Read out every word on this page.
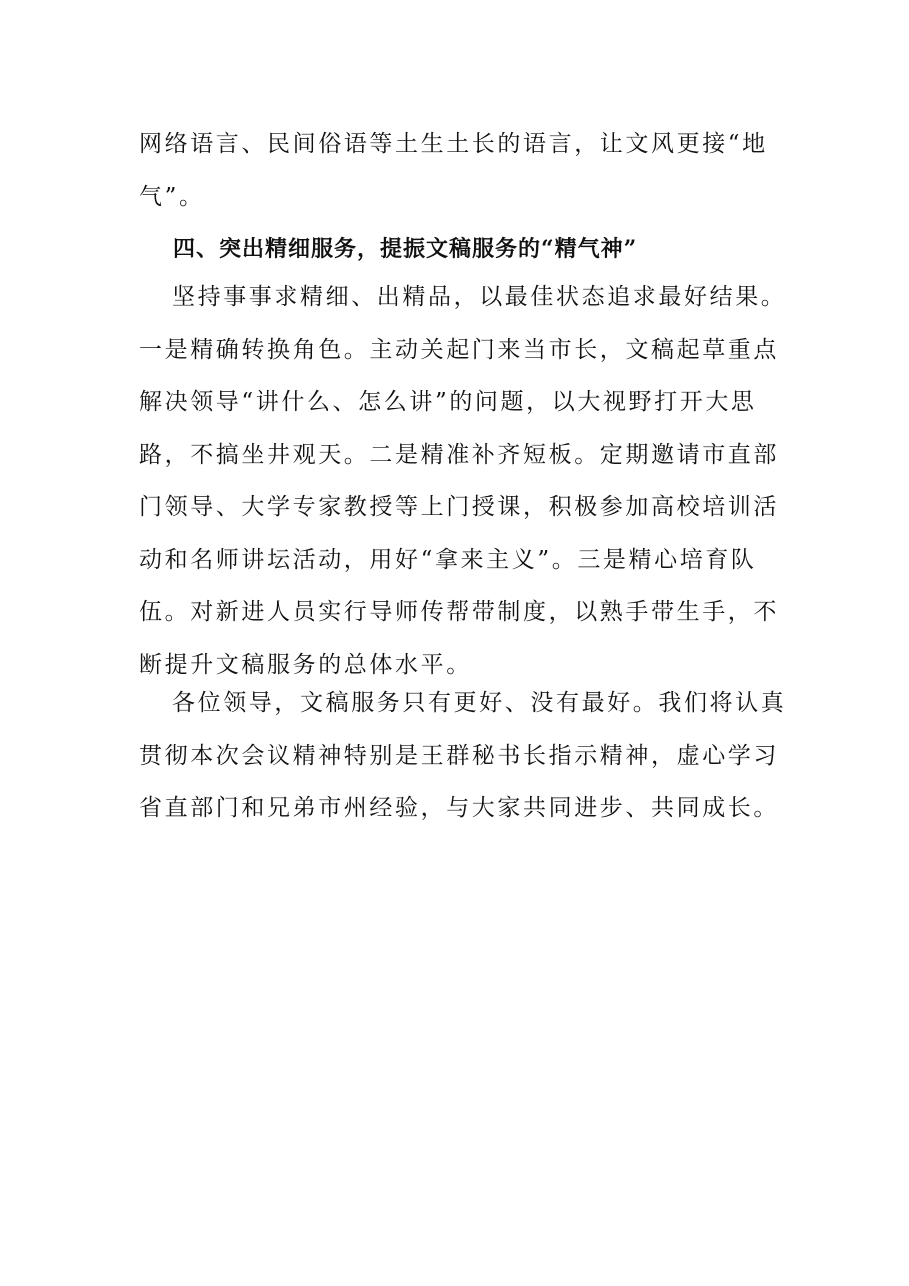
网络语言、民间俗语等土生土长的语言，让文风更接“地
气”。
四、突出精细服务，提振文稿服务的“精气神”
坚持事事求精细、出精品，以最佳状态追求最好结果。
一是精确转换角色。主动关起门来当市长，文稿起草重点
解决领导“讲什么、怎么讲”的问题，以大视野打开大思
路，不搞坐井观天。二是精准补齐短板。定期邀请市直部
门领导、大学专家教授等上门授课，积极参加高校培训活
动和名师讲坛活动，用好“拿来主义”。三是精心培育队
伍。对新进人员实行导师传帮带制度，以熟手带生手，不
断提升文稿服务的总体水平。
各位领导，文稿服务只有更好、没有最好。我们将认真
贯彻本次会议精神特别是王群秘书长指示精神，虚心学习
省直部门和兄弟市州经验，与大家共同进步、共同成长。
